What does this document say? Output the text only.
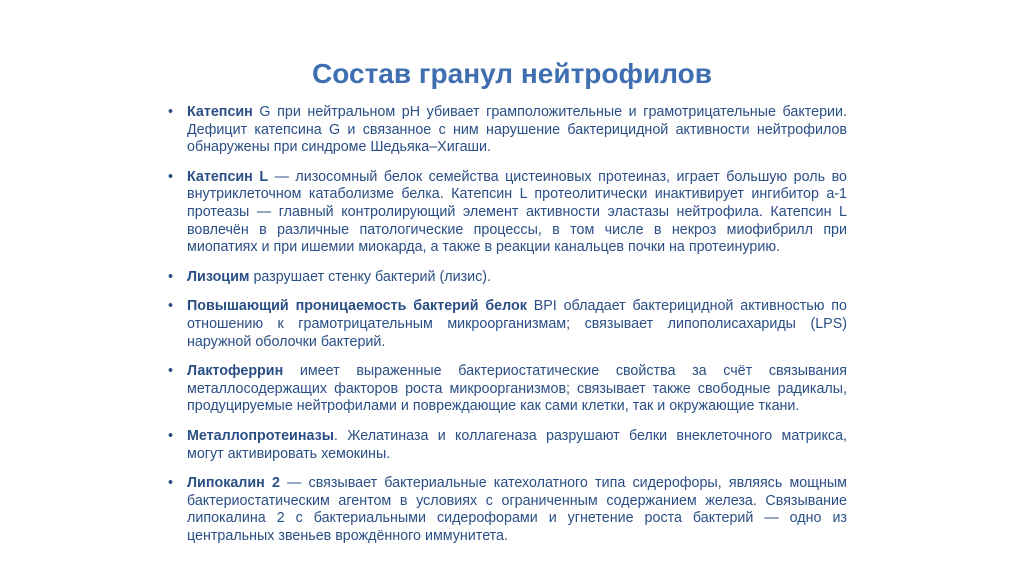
Состав гранул нейтрофилов
• Катепсин G при нейтральном рН убивает грамположительные и грамотрицательные бактерии. Дефицит катепсина G и связанное с ним нарушение бактерицидной активности нейтрофилов обнаружены при синдроме Шедьяка–Хигаши.
• Катепсин L — лизосомный белок семейства цистеиновых протеиназ, играет большую роль во внутриклеточном катаболизме белка. Катепсин L протеолитически инактивирует ингибитор а-1 протеазы — главный контролирующий элемент активности эластазы нейтрофила. Катепсин L вовлечён в различные патологические процессы, в том числе в некроз миофибрилл при миопатиях и при ишемии миокарда, а также в реакции канальцев почки на протеинурию.
• Лизоцим разрушает стенку бактерий (лизис).
• Повышающий проницаемость бактерий белок BPI обладает бактерицидной активностью по отношению к грамотрицательным микроорганизмам; связывает липополисахариды (LPS) наружной оболочки бактерий.
• Лактоферрин имеет выраженные бактериостатические свойства за счёт связывания металлосодержащих факторов роста микроорганизмов; связывает также свободные радикалы, продуцируемые нейтрофилами и повреждающие как сами клетки, так и окружающие ткани.
• Металлопротеиназы. Желатиназа и коллагеназа разрушают белки внеклеточного матрикса, могут активировать хемокины.
• Липокалин 2 — связывает бактериальные катехолатного типа сидерофоры, являясь мощным бактериостатическим агентом в условиях с ограниченным содержанием железа. Связывание липокалина 2 с бактериальными сидерофорами и угнетение роста бактерий — одно из центральных звеньев врождённого иммунитета.
